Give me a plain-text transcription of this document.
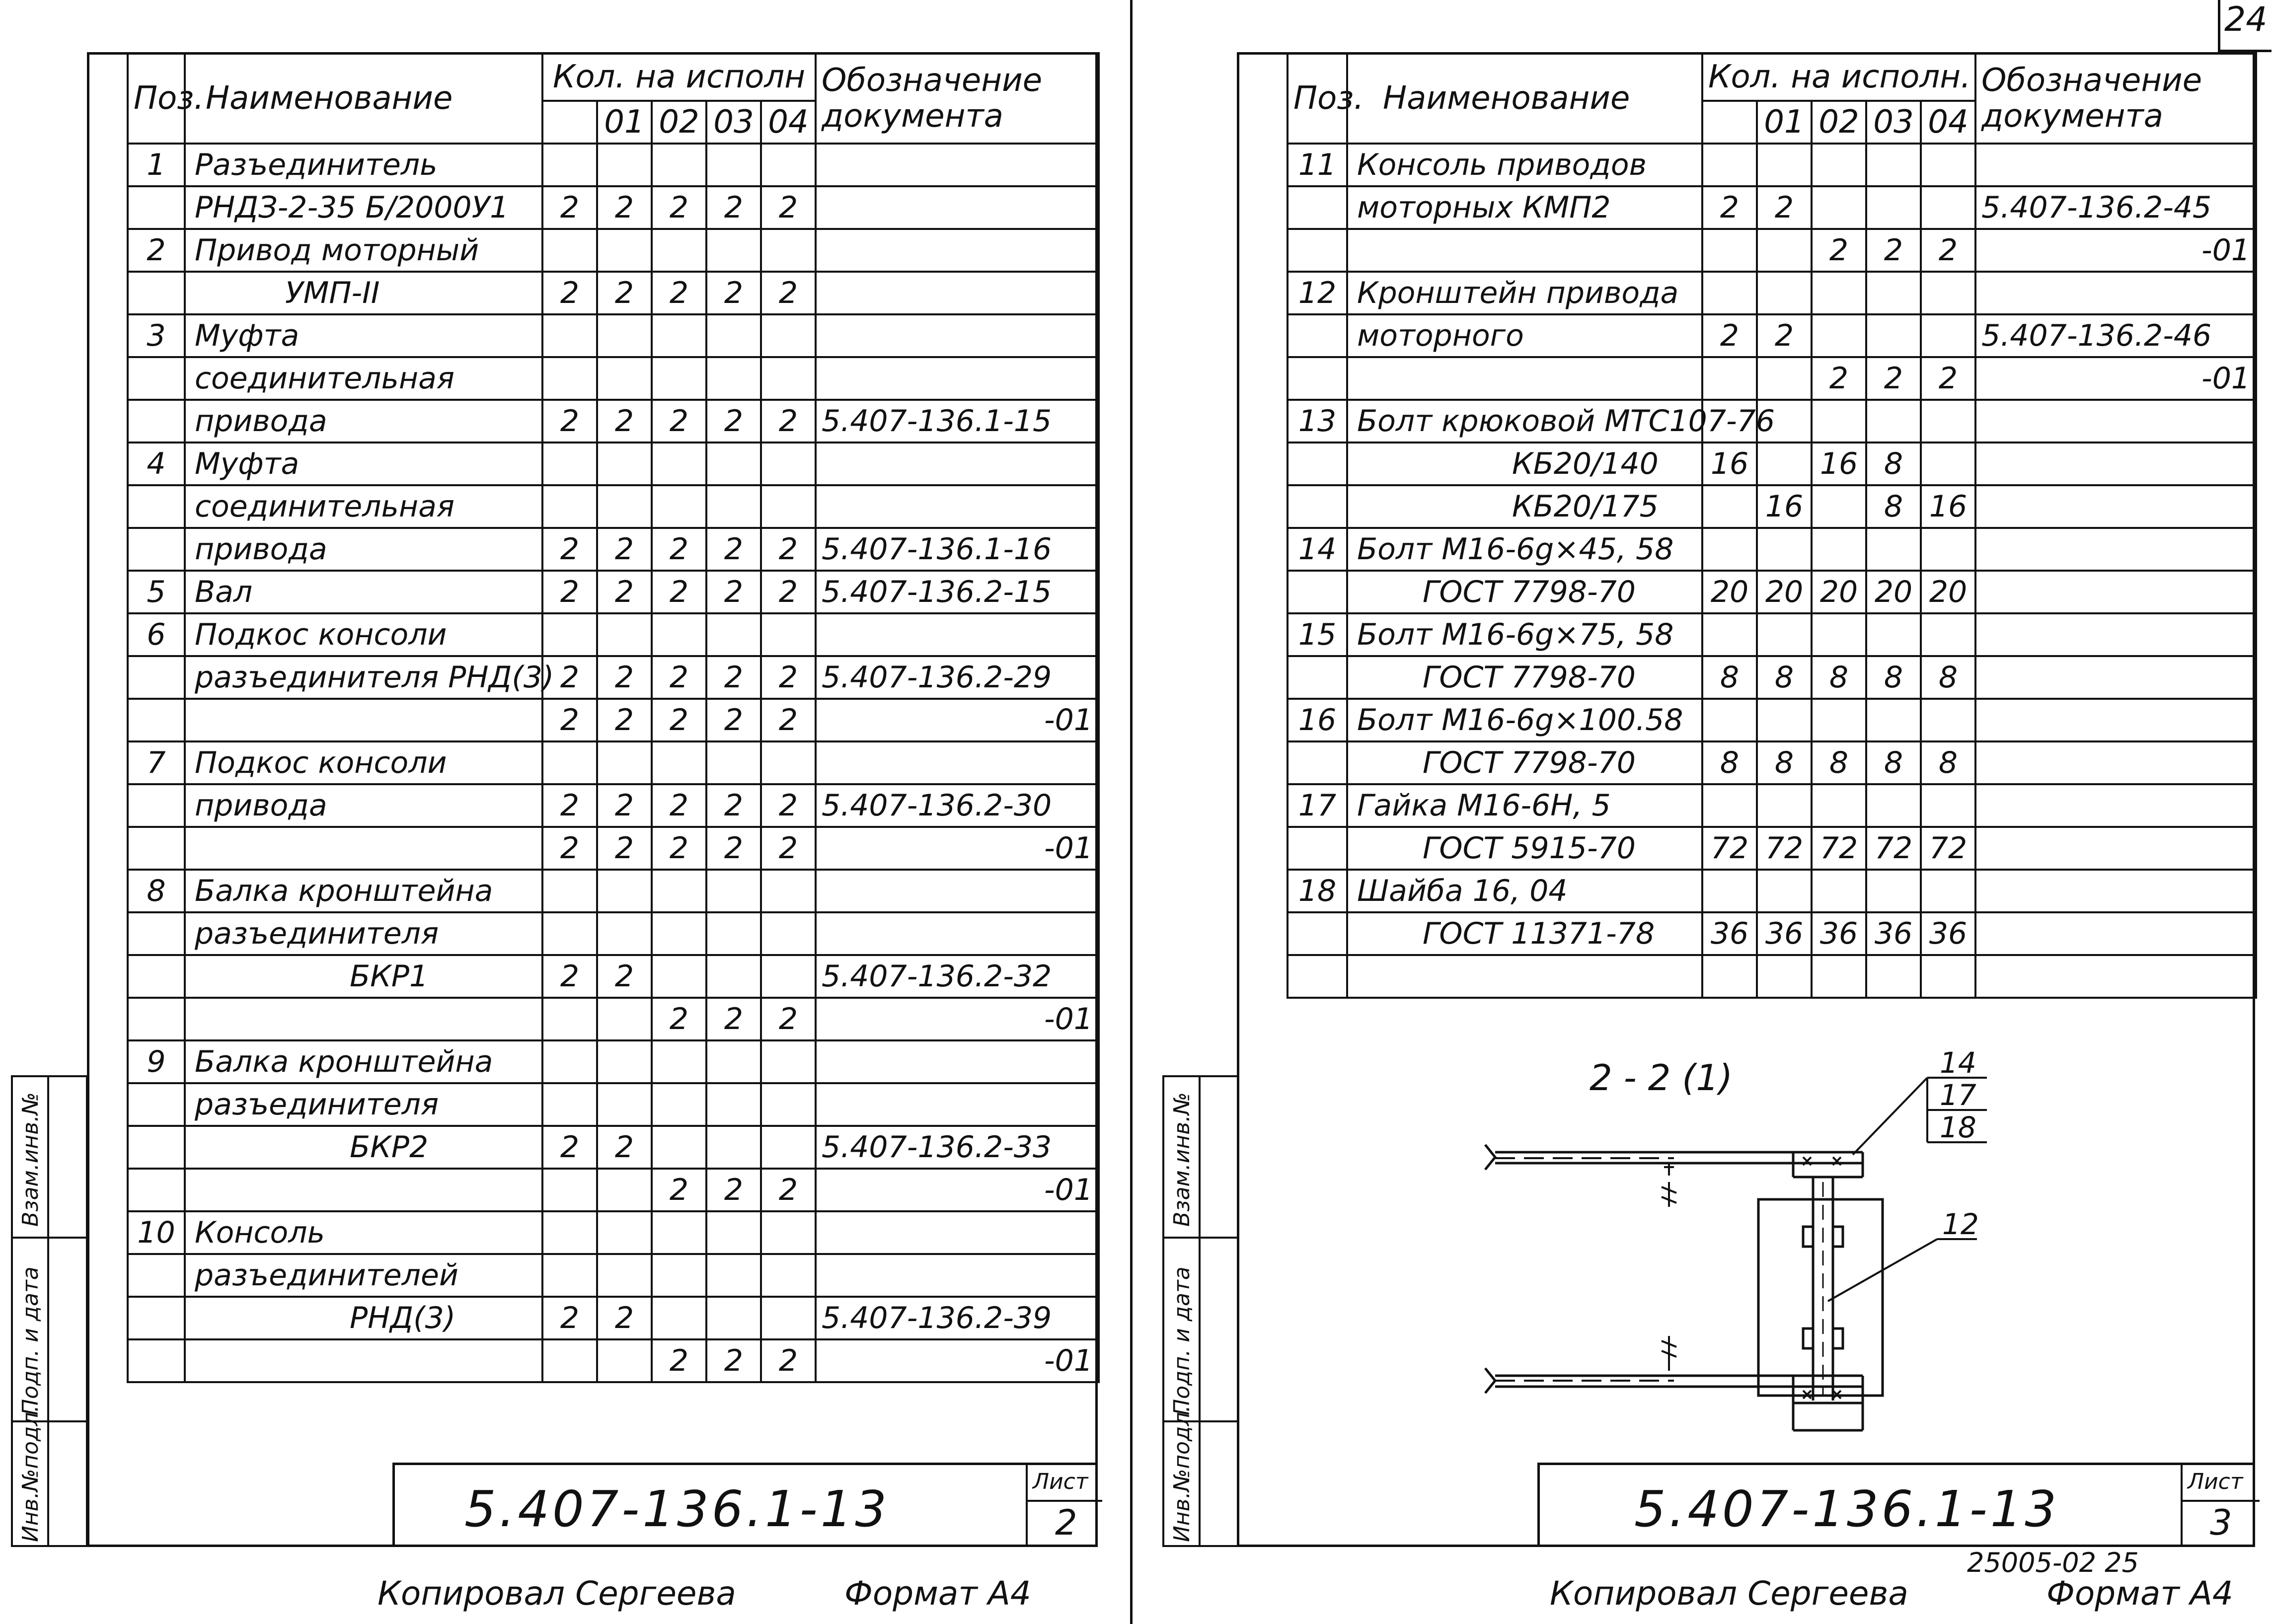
Взам.инв.№
Подп. и дата
Инв.№подл.
Поз.	Наименование	Кол. на исполн					Обозначение документа
			01	02	03	04	
1	Разъединитель						
	РНДЗ-2-35 Б/2000У1	2	2	2	2	2	
2	Привод моторный						
	УМП-II	2	2	2	2	2	
3	Муфта						
	соединительная						
	привода	2	2	2	2	2	5.407-136.1-15
4	Муфта						
	соединительная						
	привода	2	2	2	2	2	5.407-136.1-16
5	Вал	2	2	2	2	2	5.407-136.2-15
6	Подкос консоли						
	разъединителя РНД(3)	2	2	2	2	2	5.407-136.2-29
		2	2	2	2	2	-01
7	Подкос консоли						
	привода	2	2	2	2	2	5.407-136.2-30
		2	2	2	2	2	-01
8	Балка кронштейна						
	разъединителя						
	БКР1	2	2				5.407-136.2-32
				2	2	2	-01
9	Балка кронштейна						
	разъединителя						
	БКР2	2	2				5.407-136.2-33
				2	2	2	-01
10	Консоль						
	разъединителей						
	РНД(3)	2	2				5.407-136.2-39
				2	2	2	-01
5.407-136.1-13	Лист
2
Копировал Сергеева	Формат А4
24
Взам.инв.№
Подп. и дата
Инв.№подл.
Поз.	Наименование	Кол. на исполн.					Обозначение документа
			01	02	03	04	
11	Консоль приводов						
	моторных КМП2	2	2				5.407-136.2-45
				2	2	2	-01
12	Кронштейн привода						
	моторного	2	2				5.407-136.2-46
				2	2	2	-01
13	Болт крюковой МТС107-76						
	КБ20/140	16		16	8		
	КБ20/175		16		8	16	
14	Болт М16-6g×45, 58						
	ГОСТ 7798-70	20	20	20	20	20	
15	Болт М16-6g×75, 58						
	ГОСТ 7798-70	8	8	8	8	8	
16	Болт М16-6g×100.58						
	ГОСТ 7798-70	8	8	8	8	8	
17	Гайка М16-6Н, 5						
	ГОСТ 5915-70	72	72	72	72	72	
18	Шайба 16, 04						
	ГОСТ 11371-78	36	36	36	36	36	

2 - 2 (1)	14
17
18
12
5.407-136.1-13	Лист
3
25005-02 25
Копировал Сергеева	Формат А4
